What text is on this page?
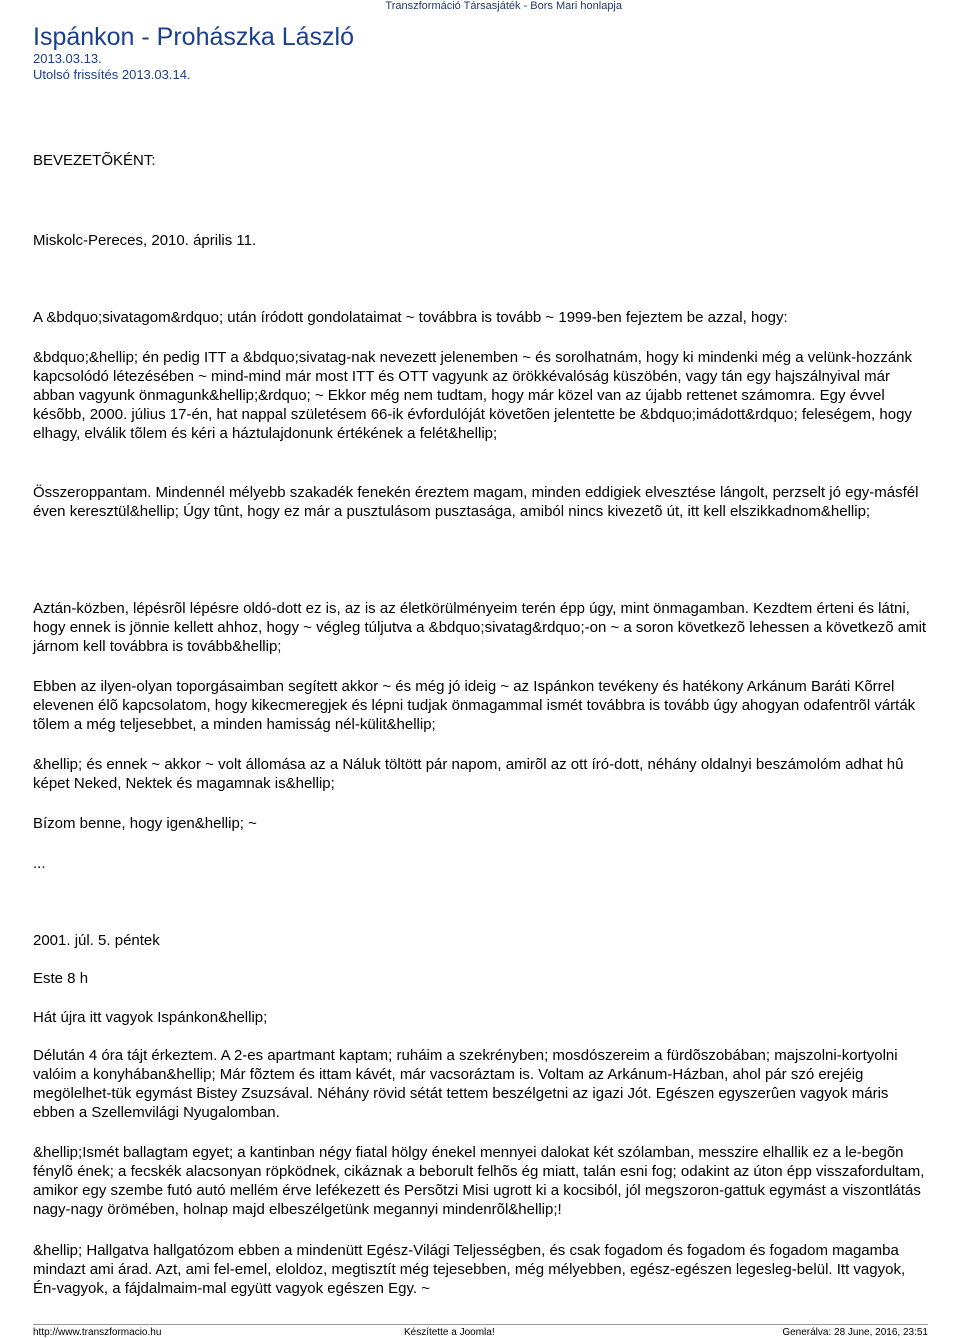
Transzformáció Társasjáték - Bors Mari honlapja
Ispánkon - Prohászka László
2013.03.13.
Utolsó frissítés 2013.03.14.

BEVEZETÕKÉNT:

Miskolc-Pereces, 2010. április 11.

A &bdquo;sivatagom&rdquo; után íródott gondolataimat ~ továbbra is tovább ~ 1999-ben fejeztem be azzal, hogy:

&bdquo;&hellip; én pedig ITT a &bdquo;sivatag-nak nevezett jelenemben ~ és sorolhatnám, hogy ki mindenki még a velünk-hozzánk kapcsolódó létezésében ~ mind-mind már most ITT és OTT vagyunk az örökkévalóság küszöbén, vagy tán egy hajszálnyival már abban vagyunk önmagunk&hellip;&rdquo; ~ Ekkor még nem tudtam, hogy már közel van az újabb rettenet számomra. Egy évvel késõbb, 2000. július 17-én, hat nappal születésem 66-ik évfordulóját követõen jelentette be &bdquo;imádott&rdquo; feleségem, hogy elhagy, elválik tõlem és kéri a háztulajdonunk értékének a felét&hellip;

Összeroppantam. Mindennél mélyebb szakadék fenekén éreztem magam, minden eddigiek elvesztése lángolt, perzselt jó egy-másfél éven keresztül&hellip; Úgy tûnt, hogy ez már a pusztulásom pusztasága, amiból nincs kivezetõ út, itt kell elszikkadnom&hellip;

Aztán-közben, lépésrõl lépésre oldó-dott ez is, az is az életkörülményeim terén épp úgy, mint önmagamban. Kezdtem érteni és látni, hogy ennek is jönnie kellett ahhoz, hogy ~ végleg túljutva a &bdquo;sivatag&rdquo;-on ~ a soron következõ lehessen a következõ amit járnom kell továbbra is tovább&hellip;

Ebben az ilyen-olyan toporgásaimban segített akkor ~ és még jó ideig ~ az Ispánkon tevékeny és hatékony Arkánum Baráti Kõrrel elevenen élõ kapcsolatom, hogy kikecmeregjek és lépni tudjak önmagammal ismét továbbra is tovább úgy ahogyan odafentrõl várták tõlem a még teljesebbet, a minden hamisság nél-külit&hellip;

&hellip; és ennek ~ akkor ~ volt állomása az a Náluk töltött pár napom, amirõl az ott író-dott, néhány oldalnyi beszámolóm adhat hû képet Neked, Nektek és magamnak is&hellip;

Bízom benne, hogy igen&hellip; ~

...

2001. júl. 5. péntek

Este 8 h

Hát újra itt vagyok Ispánkon&hellip;

Délután 4 óra tájt érkeztem. A 2-es apartmant kaptam; ruháim a szekrényben; mosdószereim a fürdõszobában; majszolni-kortyolni valóim a konyhában&hellip; Már fõztem és ittam kávét, már vacsoráztam is. Voltam az Arkánum-Házban, ahol pár szó erejéig megölelhet-tük egymást Bistey Zsuzsával. Néhány rövid sétát tettem beszélgetni az igazi Jót. Egészen egyszerûen vagyok máris ebben a Szellemvilági Nyugalomban.

&hellip;Ismét ballagtam egyet; a kantinban négy fiatal hölgy énekel mennyei dalokat két szólamban, messzire elhallik ez a le-begõn fénylõ ének; a fecskék alacsonyan röpködnek, cikáznak a beborult felhõs ég miatt, talán esni fog; odakint az úton épp visszafordultam, amikor egy szembe futó autó mellém érve lefékezett és Persõtzi Misi ugrott ki a kocsiból, jól megszoron-gattuk egymást a viszontlátás nagy-nagy örömében, holnap majd elbeszélgetünk megannyi mindenrõl&hellip;!

&hellip; Hallgatva hallgatózom ebben a mindenütt Egész-Világi Teljességben, és csak fogadom és fogadom és fogadom magamba mindazt ami árad. Azt, ami fel-emel, eloldoz, megtisztít még tejesebben, még mélyebben, egész-egészen legesleg-belül. Itt vagyok, Én-vagyok, a fájdalmaim-mal együtt vagyok egészen Egy. ~

http://www.transzformacio.hu	Készítette a Joomla!	Generálva: 28 June, 2016, 23:51
